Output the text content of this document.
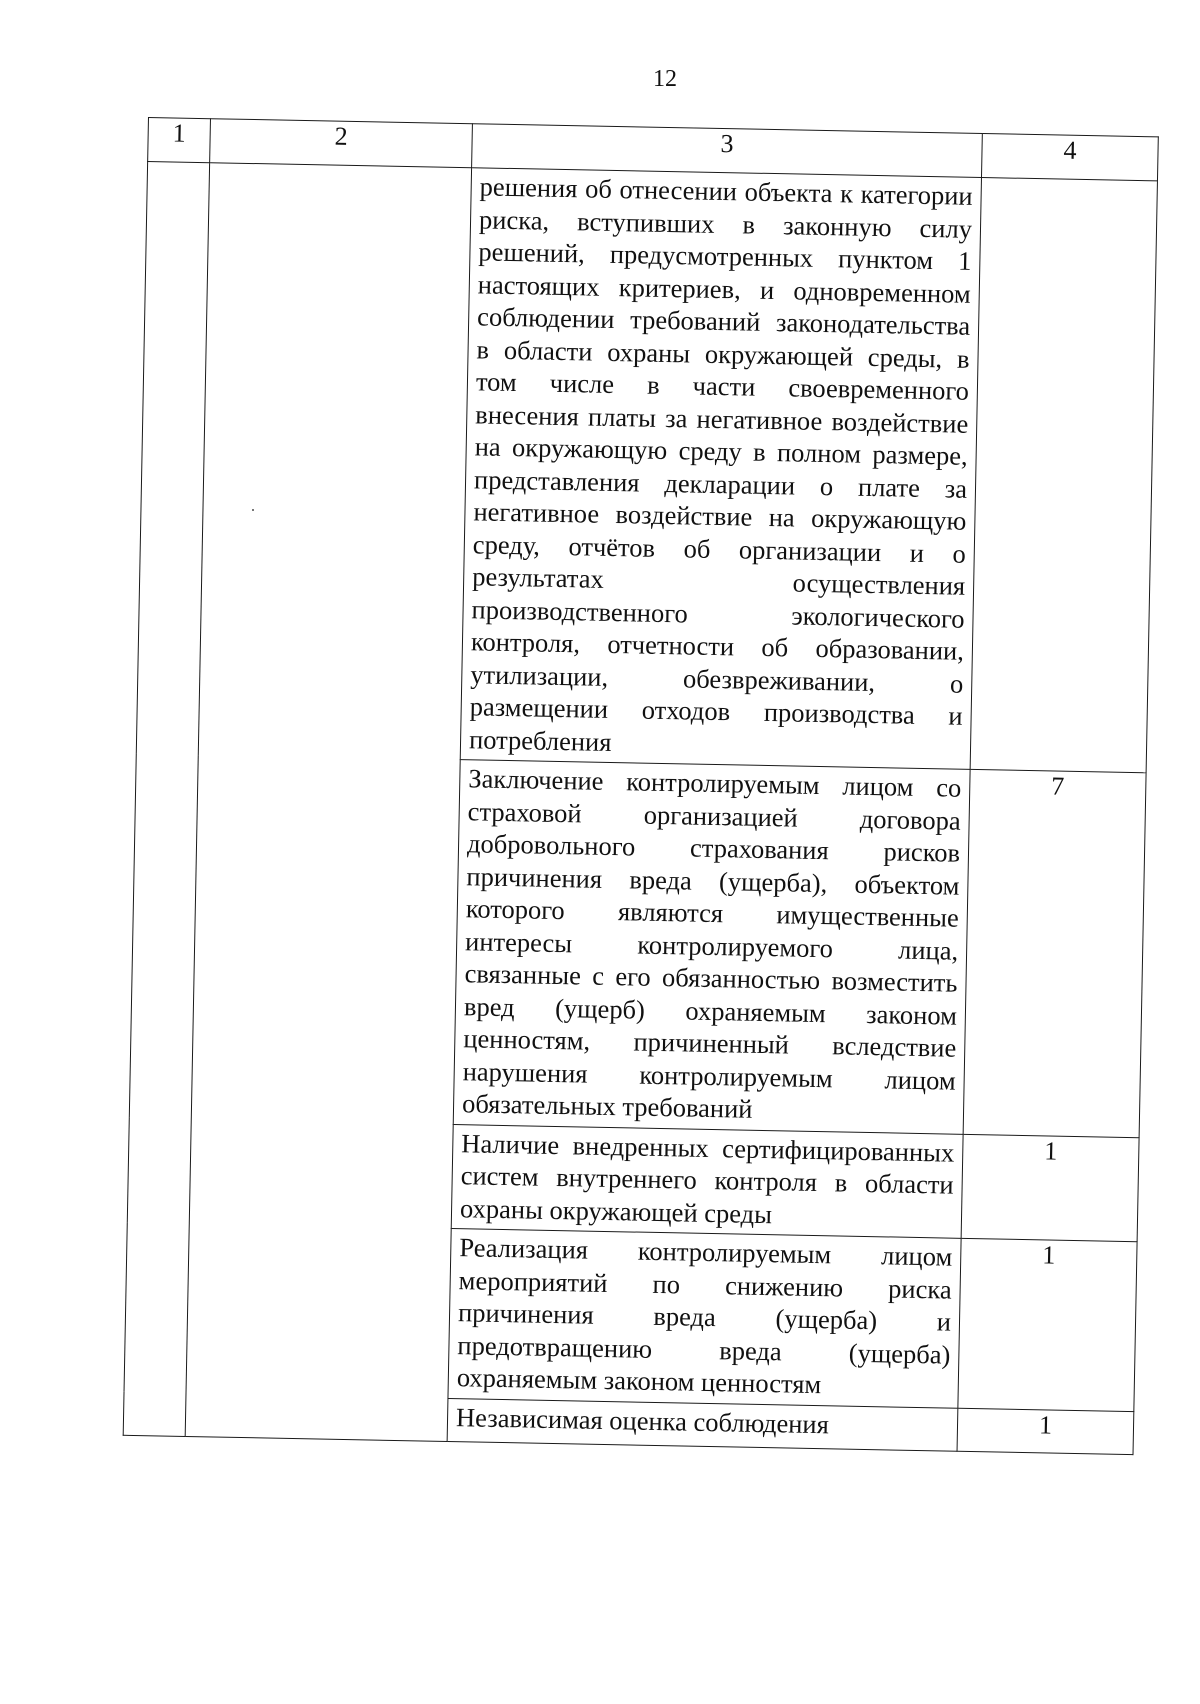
12
1	2	3	4

		решения об отнесении объекта к категории риска, вступивших в законную силу решений, предусмотренных пунктом 1 настоящих критериев, и одновременном соблюдении требований законодательства в области охраны окружающей среды, в том числе в части своевременного внесения платы за негативное воздействие на окружающую среду в полном размере, представления декларации о плате за негативное воздействие на окружающую среду, отчётов об организации и о результатах осуществления производственного экологического контроля, отчетности об образовании, утилизации, обезвреживании, о размещении отходов производства и потребления	

		Заключение контролируемым лицом со страховой организацией договора добровольного страхования рисков причинения вреда (ущерба), объектом которого являются имущественные интересы контролируемого лица, связанные с его обязанностью возместить вред (ущерб) охраняемым законом ценностям, причиненный вследствие нарушения контролируемым лицом обязательных требований	7

		Наличие внедренных сертифицированных систем внутреннего контроля в области охраны окружающей среды	1

		Реализация контролируемым лицом мероприятий по снижению риска причинения вреда (ущерба) и предотвращению вреда (ущерба) охраняемым законом ценностям	1

		Независимая оценка соблюдения	1
